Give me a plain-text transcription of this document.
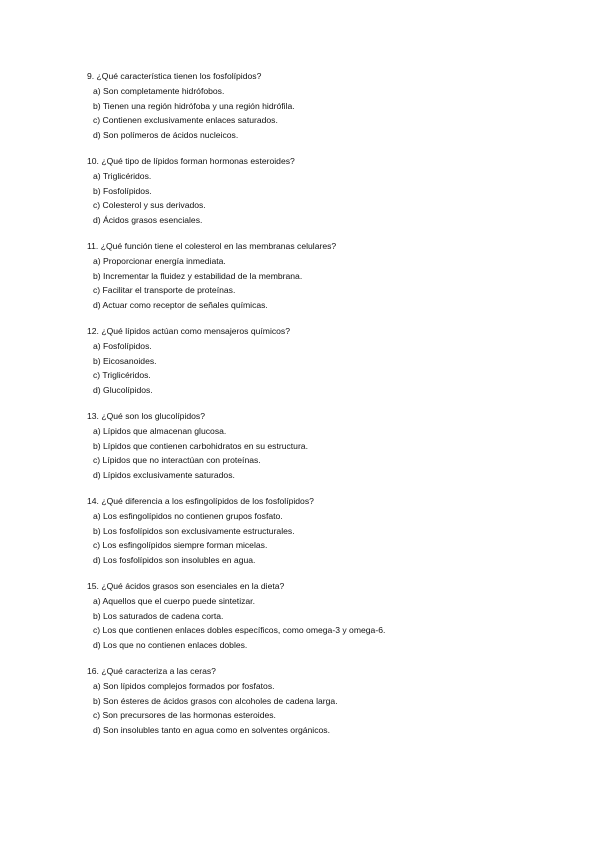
9. ¿Qué característica tienen los fosfolípidos?
a) Son completamente hidrófobos.
b) Tienen una región hidrófoba y una región hidrófila.
c) Contienen exclusivamente enlaces saturados.
d) Son polímeros de ácidos nucleicos.
10. ¿Qué tipo de lípidos forman hormonas esteroides?
a) Triglicéridos.
b) Fosfolípidos.
c) Colesterol y sus derivados.
d) Ácidos grasos esenciales.
11. ¿Qué función tiene el colesterol en las membranas celulares?
a) Proporcionar energía inmediata.
b) Incrementar la fluidez y estabilidad de la membrana.
c) Facilitar el transporte de proteínas.
d) Actuar como receptor de señales químicas.
12. ¿Qué lípidos actúan como mensajeros químicos?
a) Fosfolípidos.
b) Eicosanoides.
c) Triglicéridos.
d) Glucolípidos.
13. ¿Qué son los glucolípidos?
a) Lípidos que almacenan glucosa.
b) Lípidos que contienen carbohidratos en su estructura.
c) Lípidos que no interactúan con proteínas.
d) Lípidos exclusivamente saturados.
14. ¿Qué diferencia a los esfingolípidos de los fosfolípidos?
a) Los esfingolípidos no contienen grupos fosfato.
b) Los fosfolípidos son exclusivamente estructurales.
c) Los esfingolípidos siempre forman micelas.
d) Los fosfolípidos son insolubles en agua.
15. ¿Qué ácidos grasos son esenciales en la dieta?
a) Aquellos que el cuerpo puede sintetizar.
b) Los saturados de cadena corta.
c) Los que contienen enlaces dobles específicos, como omega-3 y omega-6.
d) Los que no contienen enlaces dobles.
16. ¿Qué caracteriza a las ceras?
a) Son lípidos complejos formados por fosfatos.
b) Son ésteres de ácidos grasos con alcoholes de cadena larga.
c) Son precursores de las hormonas esteroides.
d) Son insolubles tanto en agua como en solventes orgánicos.
